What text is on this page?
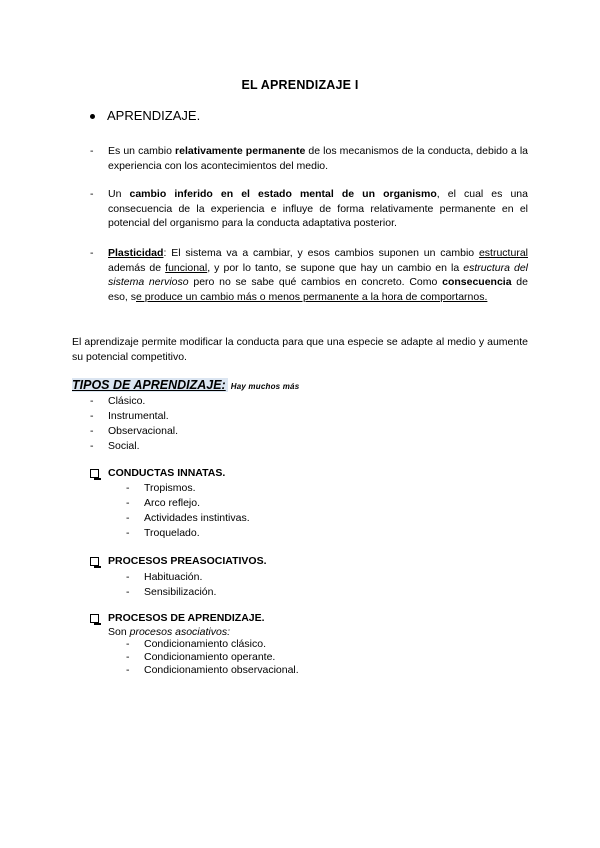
EL APRENDIZAJE I
APRENDIZAJE.
-	Es un cambio relativamente permanente de los mecanismos de la conducta, debido a la experiencia con los acontecimientos del medio.
-	Un cambio inferido en el estado mental de un organismo, el cual es una consecuencia de la experiencia e influye de forma relativamente permanente en el potencial del organismo para la conducta adaptativa posterior.
-	Plasticidad: El sistema va a cambiar, y esos cambios suponen un cambio estructural además de funcional, y por lo tanto, se supone que hay un cambio en la estructura del sistema nervioso pero no se sabe qué cambios en concreto. Como consecuencia de eso, se produce un cambio más o menos permanente a la hora de comportarnos.
El aprendizaje permite modificar la conducta para que una especie se adapte al medio y aumente su potencial competitivo.
TIPOS DE APRENDIZAJE: Hay muchos más
-	Clásico.
-	Instrumental.
-	Observacional.
-	Social.
CONDUCTAS INNATAS.
-	Tropismos.
-	Arco reflejo.
-	Actividades instintivas.
-	Troquelado.
PROCESOS PREASOCIATIVOS.
-	Habituación.
-	Sensibilización.
PROCESOS DE APRENDIZAJE.
Son procesos asociativos:
-	Condicionamiento clásico.
-	Condicionamiento operante.
-	Condicionamiento observacional.
